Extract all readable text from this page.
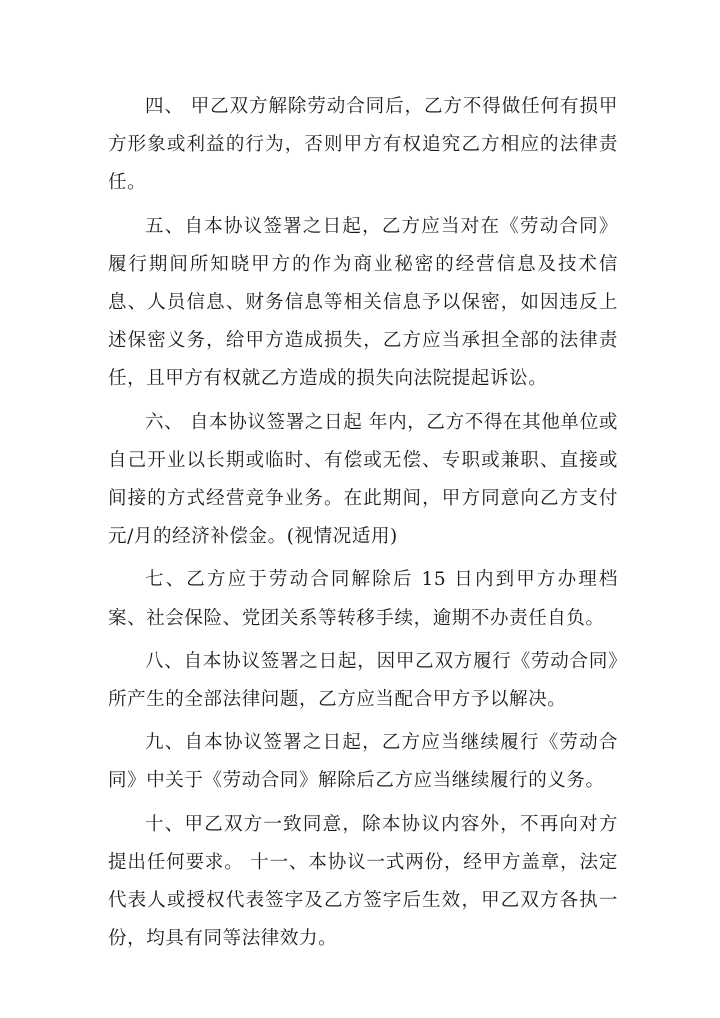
四、 甲乙双方解除劳动合同后，乙方不得做任何有损甲方形象或利益的行为，否则甲方有权追究乙方相应的法律责任。

五、自本协议签署之日起，乙方应当对在《劳动合同》履行期间所知晓甲方的作为商业秘密的经营信息及技术信息、人员信息、财务信息等相关信息予以保密，如因违反上述保密义务，给甲方造成损失，乙方应当承担全部的法律责任，且甲方有权就乙方造成的损失向法院提起诉讼。

六、 自本协议签署之日起 年内，乙方不得在其他单位或自己开业以长期或临时、有偿或无偿、专职或兼职、直接或间接的方式经营竞争业务。在此期间，甲方同意向乙方支付 元/月的经济补偿金。(视情况适用)

七、乙方应于劳动合同解除后 15 日内到甲方办理档案、社会保险、党团关系等转移手续，逾期不办责任自负。

八、自本协议签署之日起，因甲乙双方履行《劳动合同》所产生的全部法律问题，乙方应当配合甲方予以解决。

九、自本协议签署之日起，乙方应当继续履行《劳动合同》中关于《劳动合同》解除后乙方应当继续履行的义务。

十、甲乙双方一致同意，除本协议内容外，不再向对方提出任何要求。 十一、本协议一式两份，经甲方盖章，法定代表人或授权代表签字及乙方签字后生效，甲乙双方各执一份，均具有同等法律效力。
